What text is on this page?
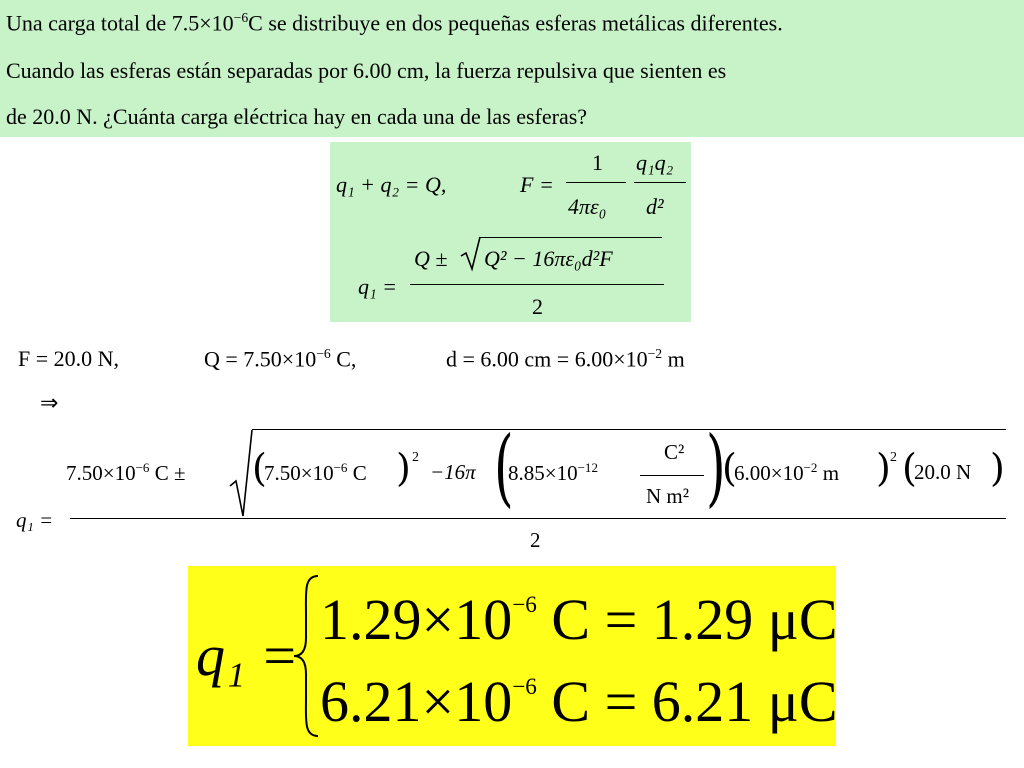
Una carga total de $7.5\times 10^{-6}C$ se distribuye en dos pequeñas esferas metálicas diferentes.
Cuando las esferas están separadas por 6.00 cm, la fuerza repulsiva que sienten es
de 20.0 N. ¿Cuánta carga eléctrica hay en cada una de las esferas?
q₁ + q₂ = Q,	F =
1
4πε₀
q₁q₂
d²
q₁ =
Q ± Q² − 16πε₀d²F
2
F = 20.0 N,	$Q = 7.50\times 10^{-6}$ C,	d = 6.00 cm = $6.00\times 10^{-2}$ m
⇒
q₁ =
$7.50\times 10^{-6}$ C ± (
$7.50\times 10^{-6}$ C ) 2
−16π (
$8.85\times 10^{-12}$
C²
N m² )
(
$6.00\times 10^{-2}$ m ) 2 (
20.0 N )
2
q₁ =
$1.29\times 10^{-6}$ C = 1.29 μC
$6.21\times 10^{-6}$ C = 6.21 μC
